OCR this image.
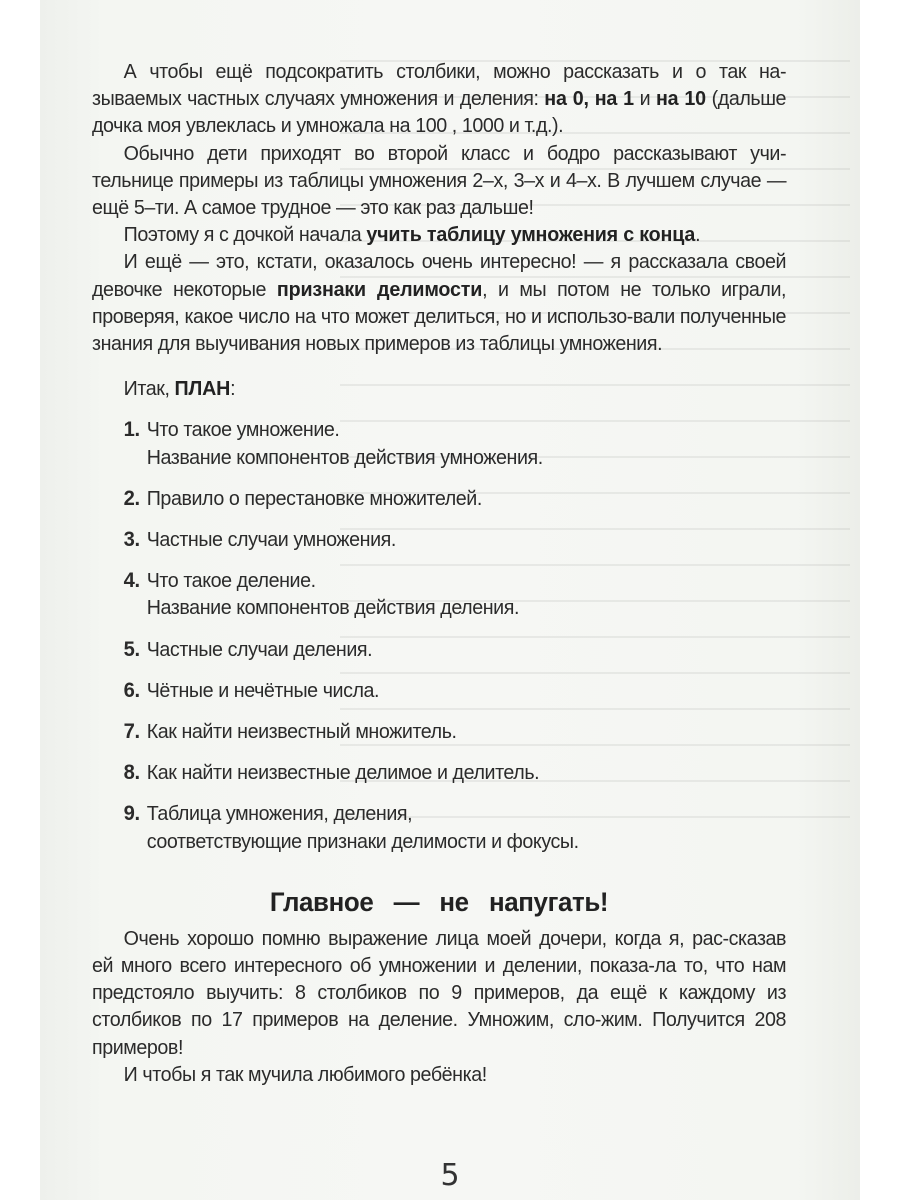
А чтобы ещё подсократить столбики, можно рассказать и о так на-зываемых частных случаях умножения и деления: на 0, на 1 и на 10 (дальше дочка моя увлеклась и умножала на 100 , 1000 и т.д.).

Обычно дети приходят во второй класс и бодро рассказывают учи-тельнице примеры из таблицы умножения 2–х, 3–х и 4–х. В лучшем случае — ещё 5–ти. А самое трудное — это как раз дальше!

Поэтому я с дочкой начала учить таблицу умножения с конца.

И ещё — это, кстати, оказалось очень интересно! — я рассказала своей девочке некоторые признаки делимости, и мы потом не только играли, проверяя, какое число на что может делиться, но и использо-вали полученные знания для выучивания новых примеров из таблицы умножения.

Итак, ПЛАН:
1. Что такое умножение.
Название компонентов действия умножения.
2. Правило о перестановке множителей.
3. Частные случаи умножения.
4. Что такое деление.
Название компонентов действия деления.
5. Частные случаи деления.
6. Чётные и нечётные числа.
7. Как найти неизвестный множитель.
8. Как найти неизвестные делимое и делитель.
9. Таблица умножения, деления,
соответствующие признаки делимости и фокусы.
Главное — не напугать!

Очень хорошо помню выражение лица моей дочери, когда я, рас-сказав ей много всего интересного об умножении и делении, показа-ла то, что нам предстояло выучить: 8 столбиков по 9 примеров, да ещё к каждому из столбиков по 17 примеров на деление. Умножим, сло-жим. Получится 208 примеров!

И чтобы я так мучила любимого ребёнка!

5
